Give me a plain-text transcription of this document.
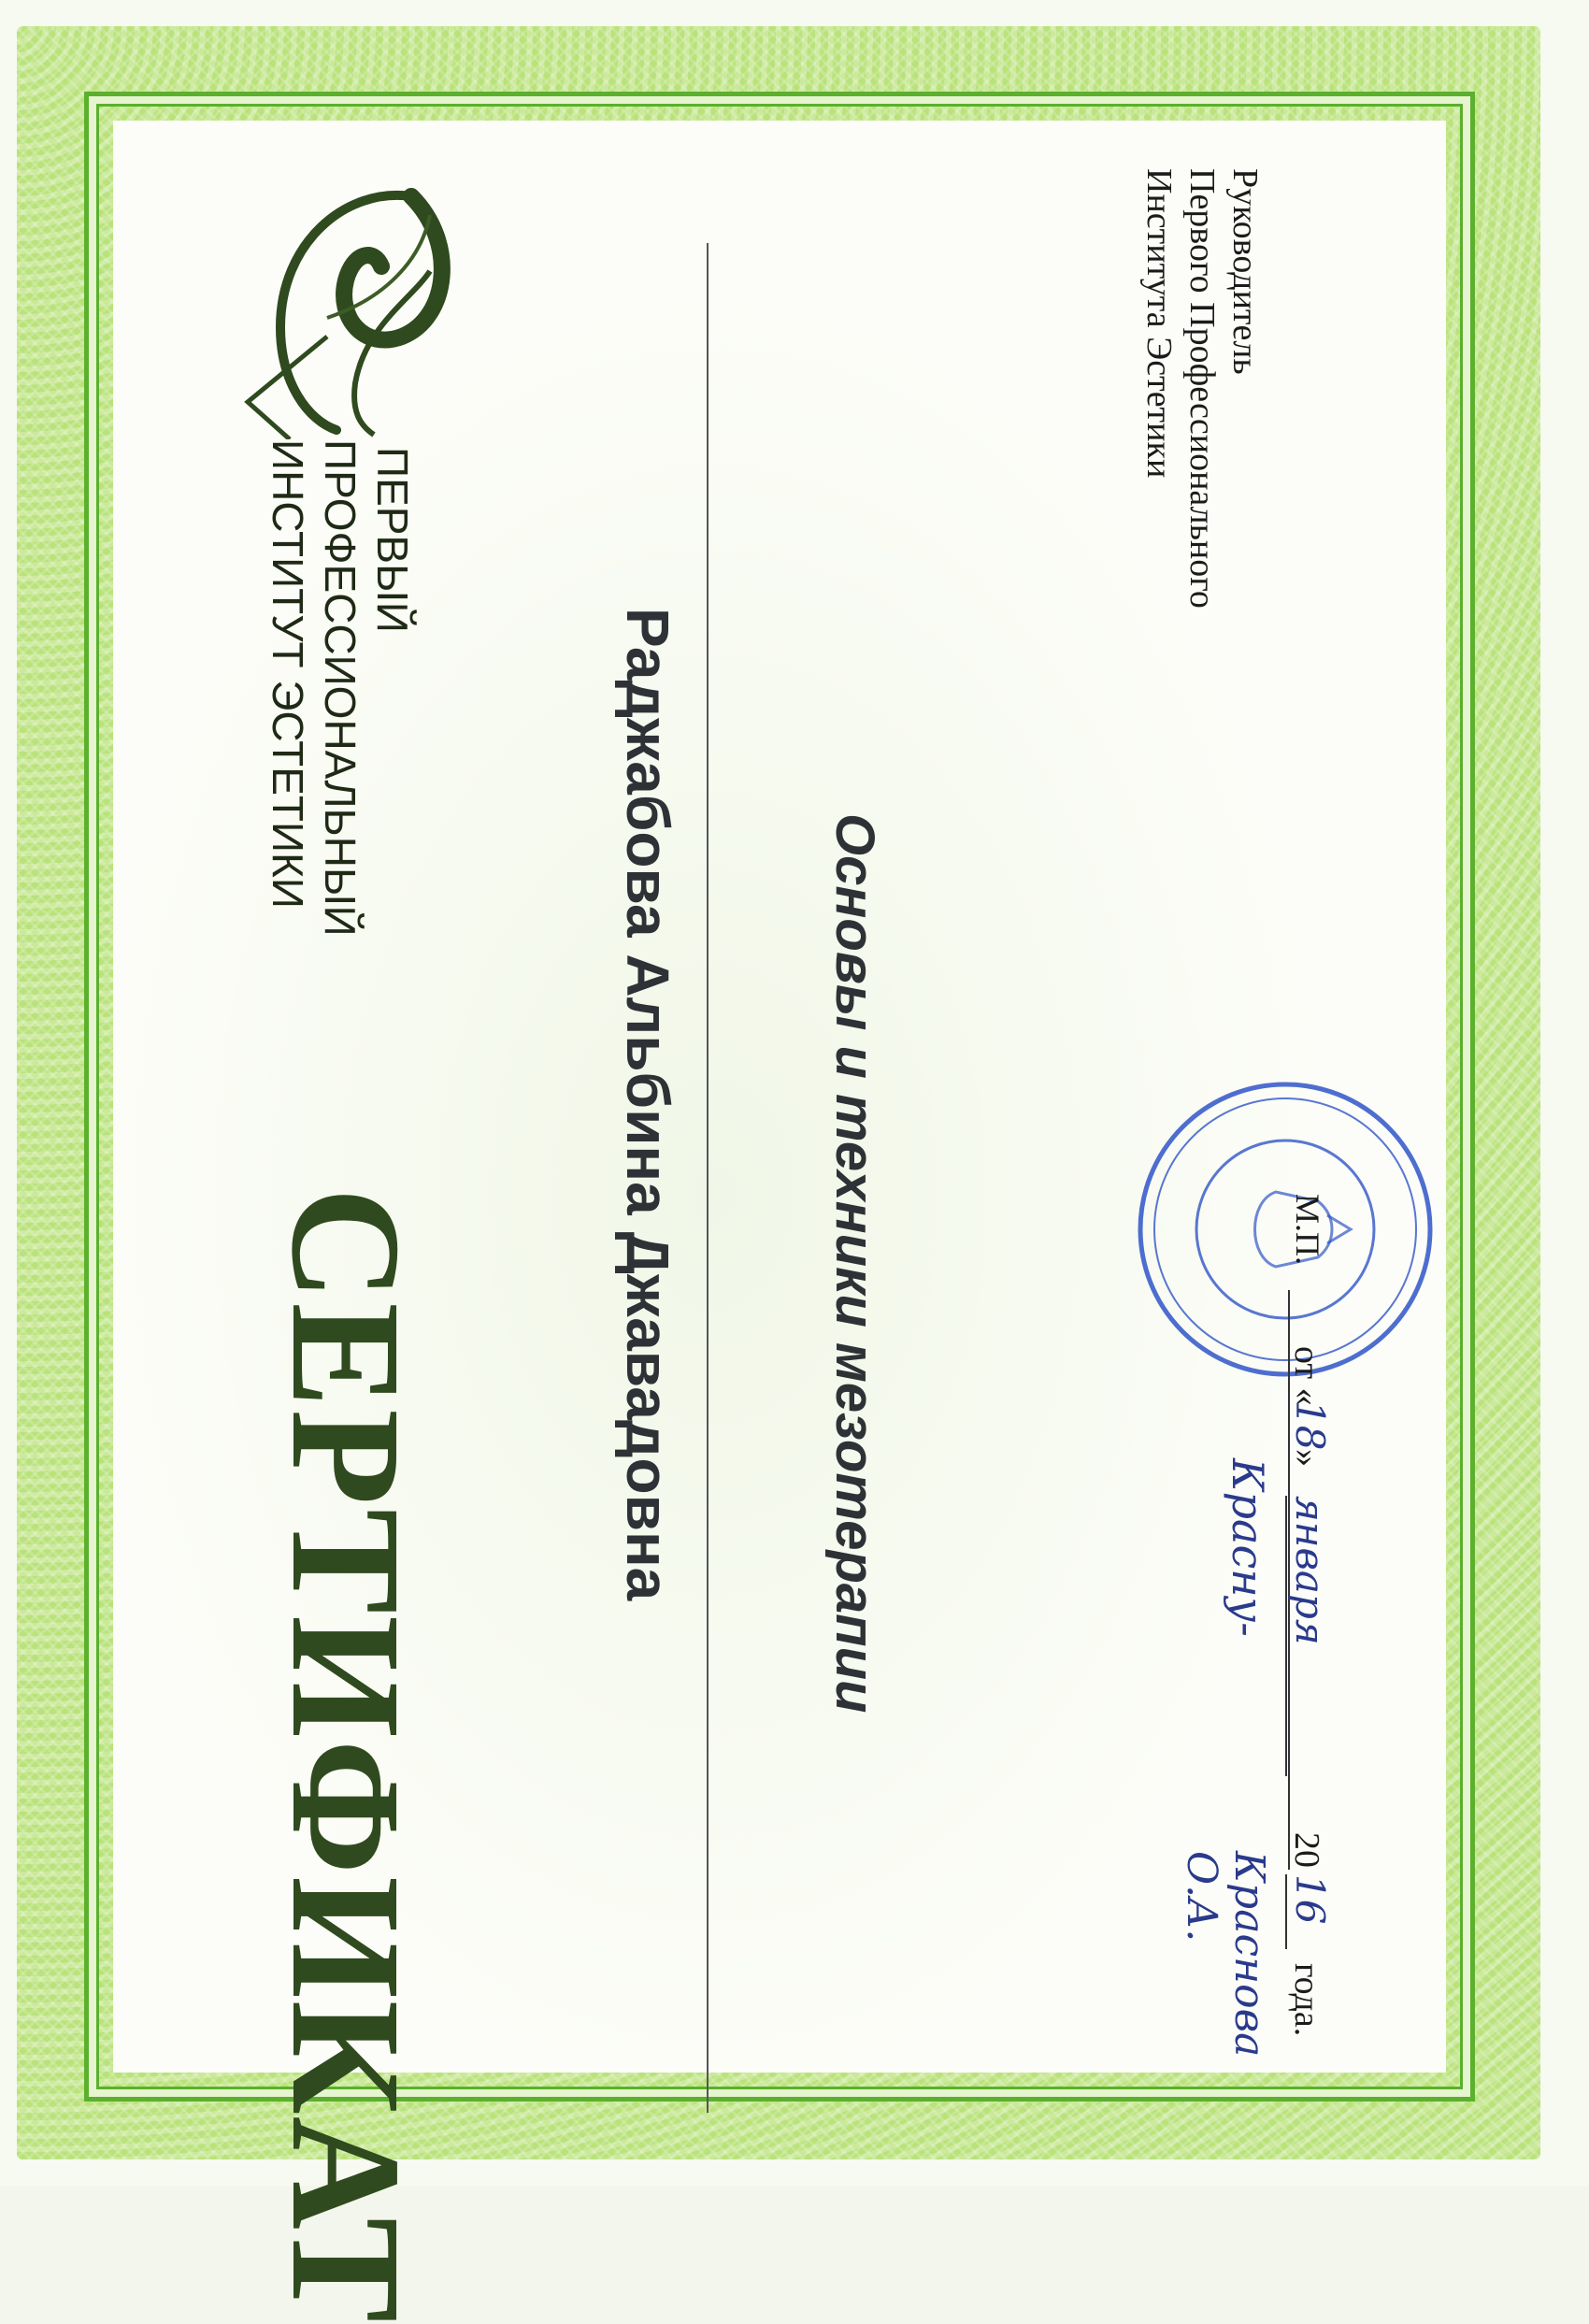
ПЕРВЫЙ
ПРОФЕССИОНАЛЬНЫЙ
ИНСТИТУТ ЭСТЕТИКИ
СЕРТИФИКАТ
Раджабова Альбина Джавадовна	Основы и техники мезотерапии
Руководитель
Первого Профессионального
Института Эстетики
М.П.
Красну-
Краснова О.А.
от «
18
»
января
20
16
года.
